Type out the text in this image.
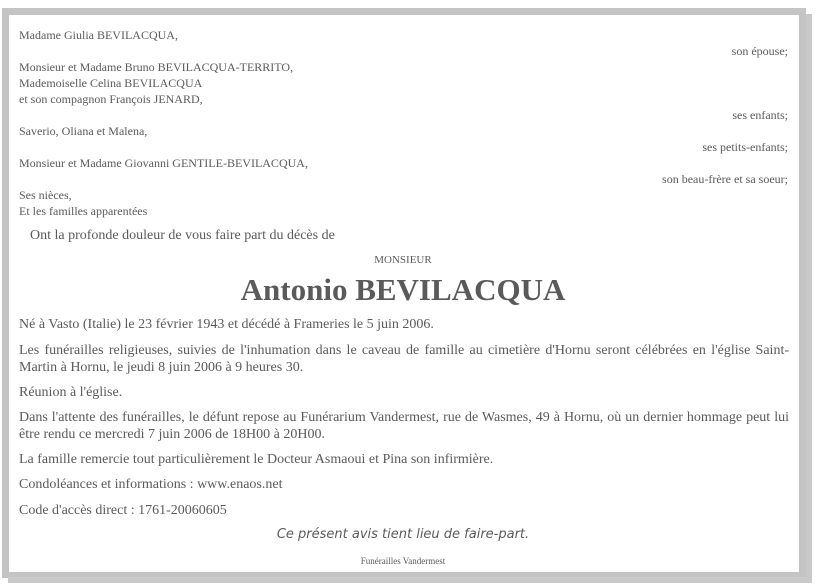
Madame Giulia BEVILACQUA,
son épouse;
Monsieur et Madame Bruno BEVILACQUA-TERRITO,
Mademoiselle Celina BEVILACQUA
et son compagnon François JENARD,
ses enfants;
Saverio, Oliana et Malena,
ses petits-enfants;
Monsieur et Madame Giovanni GENTILE-BEVILACQUA,
son beau-frère et sa soeur;
Ses nièces,
Et les familles apparentées
Ont la profonde douleur de vous faire part du décès de
MONSIEUR
Antonio BEVILACQUA
Né à Vasto (Italie) le 23 février 1943 et décédé à Frameries le 5 juin 2006.
Les funérailles religieuses, suivies de l'inhumation dans le caveau de famille au cimetière d'Hornu seront célébrées en l'église Saint-Martin à Hornu, le jeudi 8 juin 2006 à 9 heures 30.
Réunion à l'église.
Dans l'attente des funérailles, le défunt repose au Funérarium Vandermest, rue de Wasmes, 49 à Hornu, où un dernier hommage peut lui être rendu ce mercredi 7 juin 2006 de 18H00 à 20H00.
La famille remercie tout particulièrement le Docteur Asmaoui et Pina son infirmière.
Condoléances et informations : www.enaos.net
Code d'accès direct : 1761-20060605
Ce présent avis tient lieu de faire-part.
Funérailles Vandermest
